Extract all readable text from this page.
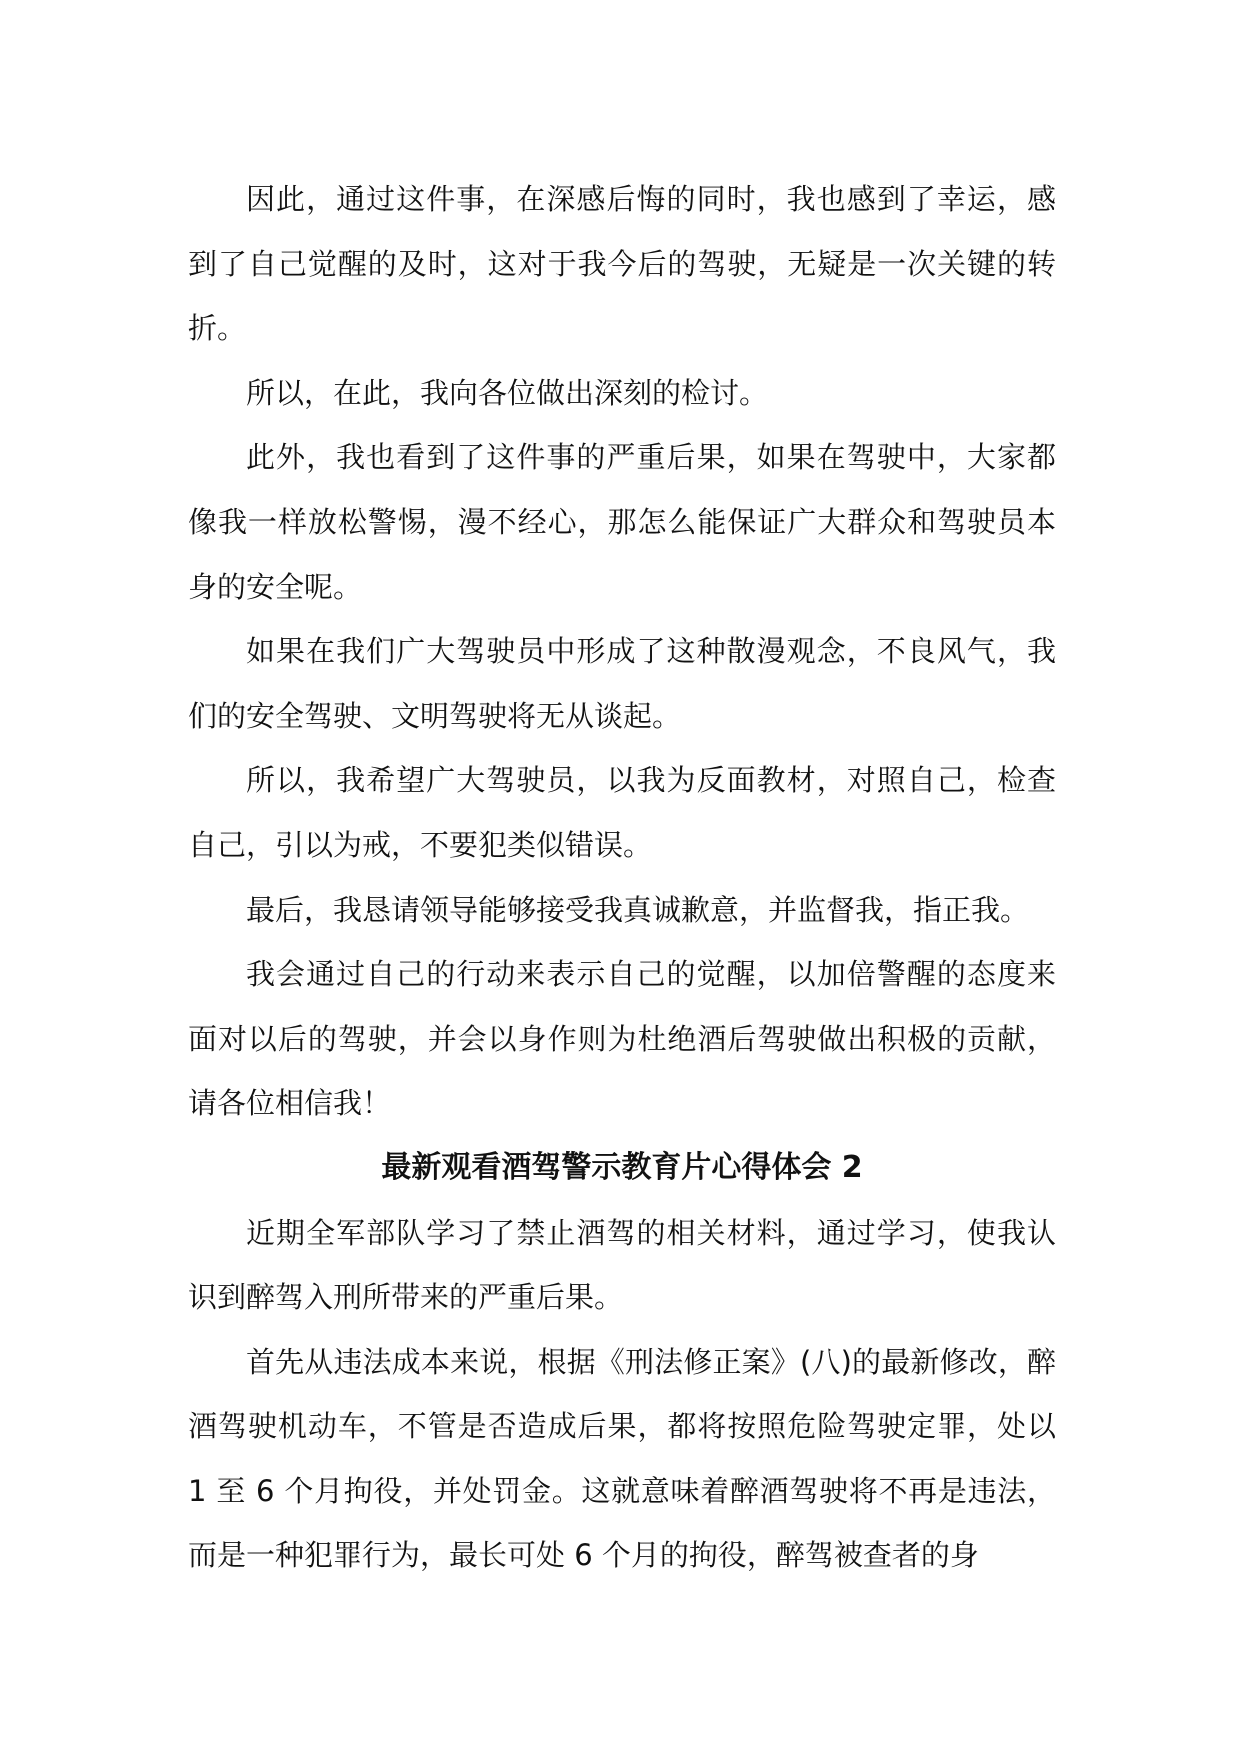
因此，通过这件事，在深感后悔的同时，我也感到了幸运，感到了自己觉醒的及时，这对于我今后的驾驶，无疑是一次关键的转折。

所以，在此，我向各位做出深刻的检讨。

此外，我也看到了这件事的严重后果，如果在驾驶中，大家都像我一样放松警惕，漫不经心，那怎么能保证广大群众和驾驶员本身的安全呢。

如果在我们广大驾驶员中形成了这种散漫观念，不良风气，我们的安全驾驶、文明驾驶将无从谈起。

所以，我希望广大驾驶员，以我为反面教材，对照自己，检查自己，引以为戒，不要犯类似错误。

最后，我恳请领导能够接受我真诚歉意，并监督我，指正我。

我会通过自己的行动来表示自己的觉醒，以加倍警醒的态度来面对以后的驾驶，并会以身作则为杜绝酒后驾驶做出积极的贡献，请各位相信我！

最新观看酒驾警示教育片心得体会 2

近期全军部队学习了禁止酒驾的相关材料，通过学习，使我认识到醉驾入刑所带来的严重后果。

首先从违法成本来说，根据《刑法修正案》(八)的最新修改，醉酒驾驶机动车，不管是否造成后果，都将按照危险驾驶定罪，处以 1 至 6 个月拘役，并处罚金。这就意味着醉酒驾驶将不再是违法，而是一种犯罪行为，最长可处 6 个月的拘役，醉驾被查者的身
